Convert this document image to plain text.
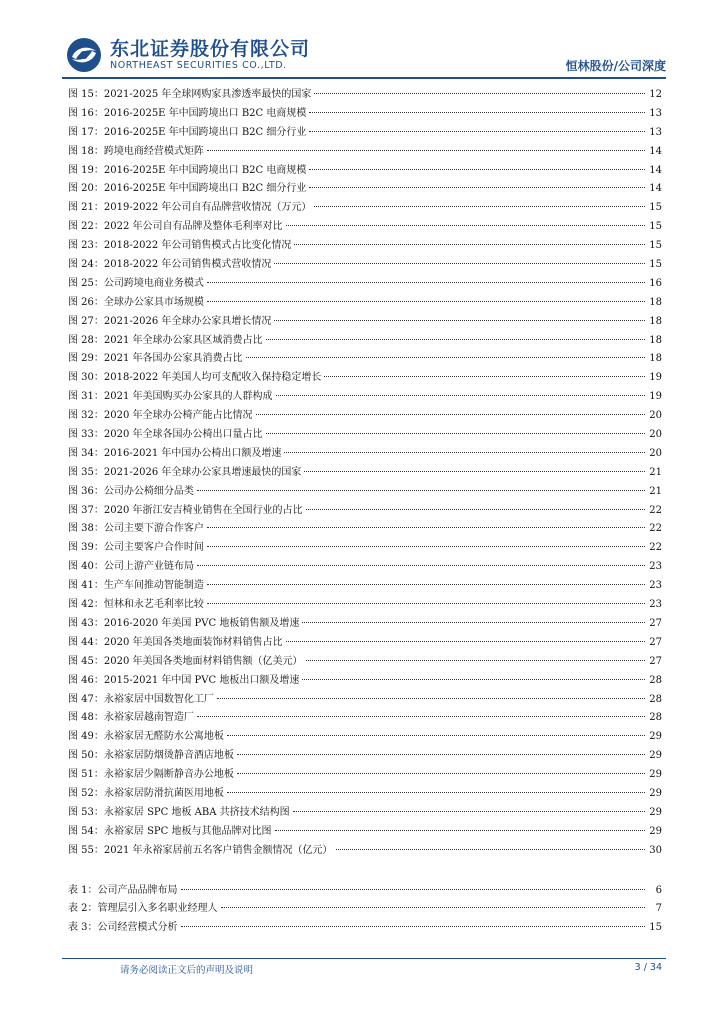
东北证券股份有限公司
NORTHEAST SECURITIES CO.,LTD.	恒林股份/公司深度
图 15：2021-2025 年全球网购家具渗透率最快的国家	12
图 16：2016-2025E 年中国跨境出口 B2C 电商规模	13
图 17：2016-2025E 年中国跨境出口 B2C 细分行业	13
图 18：跨境电商经营模式矩阵	14
图 19：2016-2025E 年中国跨境出口 B2C 电商规模	14
图 20：2016-2025E 年中国跨境出口 B2C 细分行业	14
图 21：2019-2022 年公司自有品牌营收情况（万元）	15
图 22：2022 年公司自有品牌及整体毛利率对比	15
图 23：2018-2022 年公司销售模式占比变化情况	15
图 24：2018-2022 年公司销售模式营收情况	15
图 25：公司跨境电商业务模式	16
图 26：全球办公家具市场规模	18
图 27：2021-2026 年全球办公家具增长情况	18
图 28：2021 年全球办公家具区域消费占比	18
图 29：2021 年各国办公家具消费占比	18
图 30：2018-2022 年美国人均可支配收入保持稳定增长	19
图 31：2021 年美国购买办公家具的人群构成	19
图 32：2020 年全球办公椅产能占比情况	20
图 33：2020 年全球各国办公椅出口量占比	20
图 34：2016-2021 年中国办公椅出口额及增速	20
图 35：2021-2026 年全球办公家具增速最快的国家	21
图 36：公司办公椅细分品类	21
图 37：2020 年浙江安吉椅业销售在全国行业的占比	22
图 38：公司主要下游合作客户	22
图 39：公司主要客户合作时间	22
图 40：公司上游产业链布局	23
图 41：生产车间推动智能制造	23
图 42：恒林和永艺毛利率比较	23
图 43：2016-2020 年美国 PVC 地板销售额及增速	27
图 44：2020 年美国各类地面装饰材料销售占比	27
图 45：2020 年美国各类地面材料销售额（亿美元）	27
图 46：2015-2021 年中国 PVC 地板出口额及增速	28
图 47：永裕家居中国数智化工厂	28
图 48：永裕家居越南智造厂	28
图 49：永裕家居无醛防水公寓地板	29
图 50：永裕家居防烟烫静音酒店地板	29
图 51：永裕家居少隔断静音办公地板	29
图 52：永裕家居防滑抗菌医用地板	29
图 53：永裕家居 SPC 地板 ABA 共挤技术结构图	29
图 54：永裕家居 SPC 地板与其他品牌对比图	29
图 55：2021 年永裕家居前五名客户销售金额情况（亿元）	30
表 1：公司产品品牌布局	6
表 2：管理层引入多名职业经理人	7
表 3：公司经营模式分析	15
请务必阅读正文后的声明及说明	3 / 34
